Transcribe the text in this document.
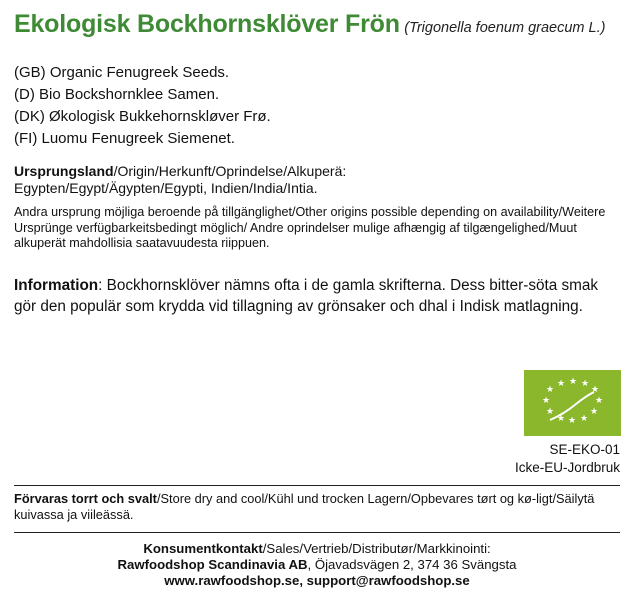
Ekologisk Bockhornsklöver Frön (Trigonella foenum graecum L.)
(GB) Organic Fenugreek Seeds.
(D) Bio Bockshornklee Samen.
(DK) Økologisk Bukkehornskløver Frø.
(FI) Luomu Fenugreek Siemenet.
Ursprungsland/Origin/Herkunft/Oprindelse/Alkuperä:
Egypten/Egypt/Ägypten/Egypti, Indien/India/Intia.
Andra ursprung möjliga beroende på tillgänglighet/Other origins possible depending on availability/Weitere Ursprünge verfügbarkeitsbedingt möglich/ Andre oprindelser mulige afhængig af tilgængelighed/Muut alkuperät mahdollisia saatavuudesta riippuen.
Information: Bockhornsklöver nämns ofta i de gamla skrifterna. Dess bitter-söta smak gör den populär som krydda vid tillagning av grönsaker och dhal i Indisk matlagning.
★
★ ★ ★
★
★
★
★
★
★
★
★
SE-EKO-01
Icke-EU-Jordbruk
Förvaras torrt och svalt/Store dry and cool/Kühl und trocken Lagern/Opbevares tørt og kø-ligt/Säilytä kuivassa ja viileässä.
Konsumentkontakt/Sales/Vertrieb/Distributør/Markkinointi:
Rawfoodshop Scandinavia AB, Öjavadsvägen 2, 374 36 Svängsta
www.rawfoodshop.se, support@rawfoodshop.se
